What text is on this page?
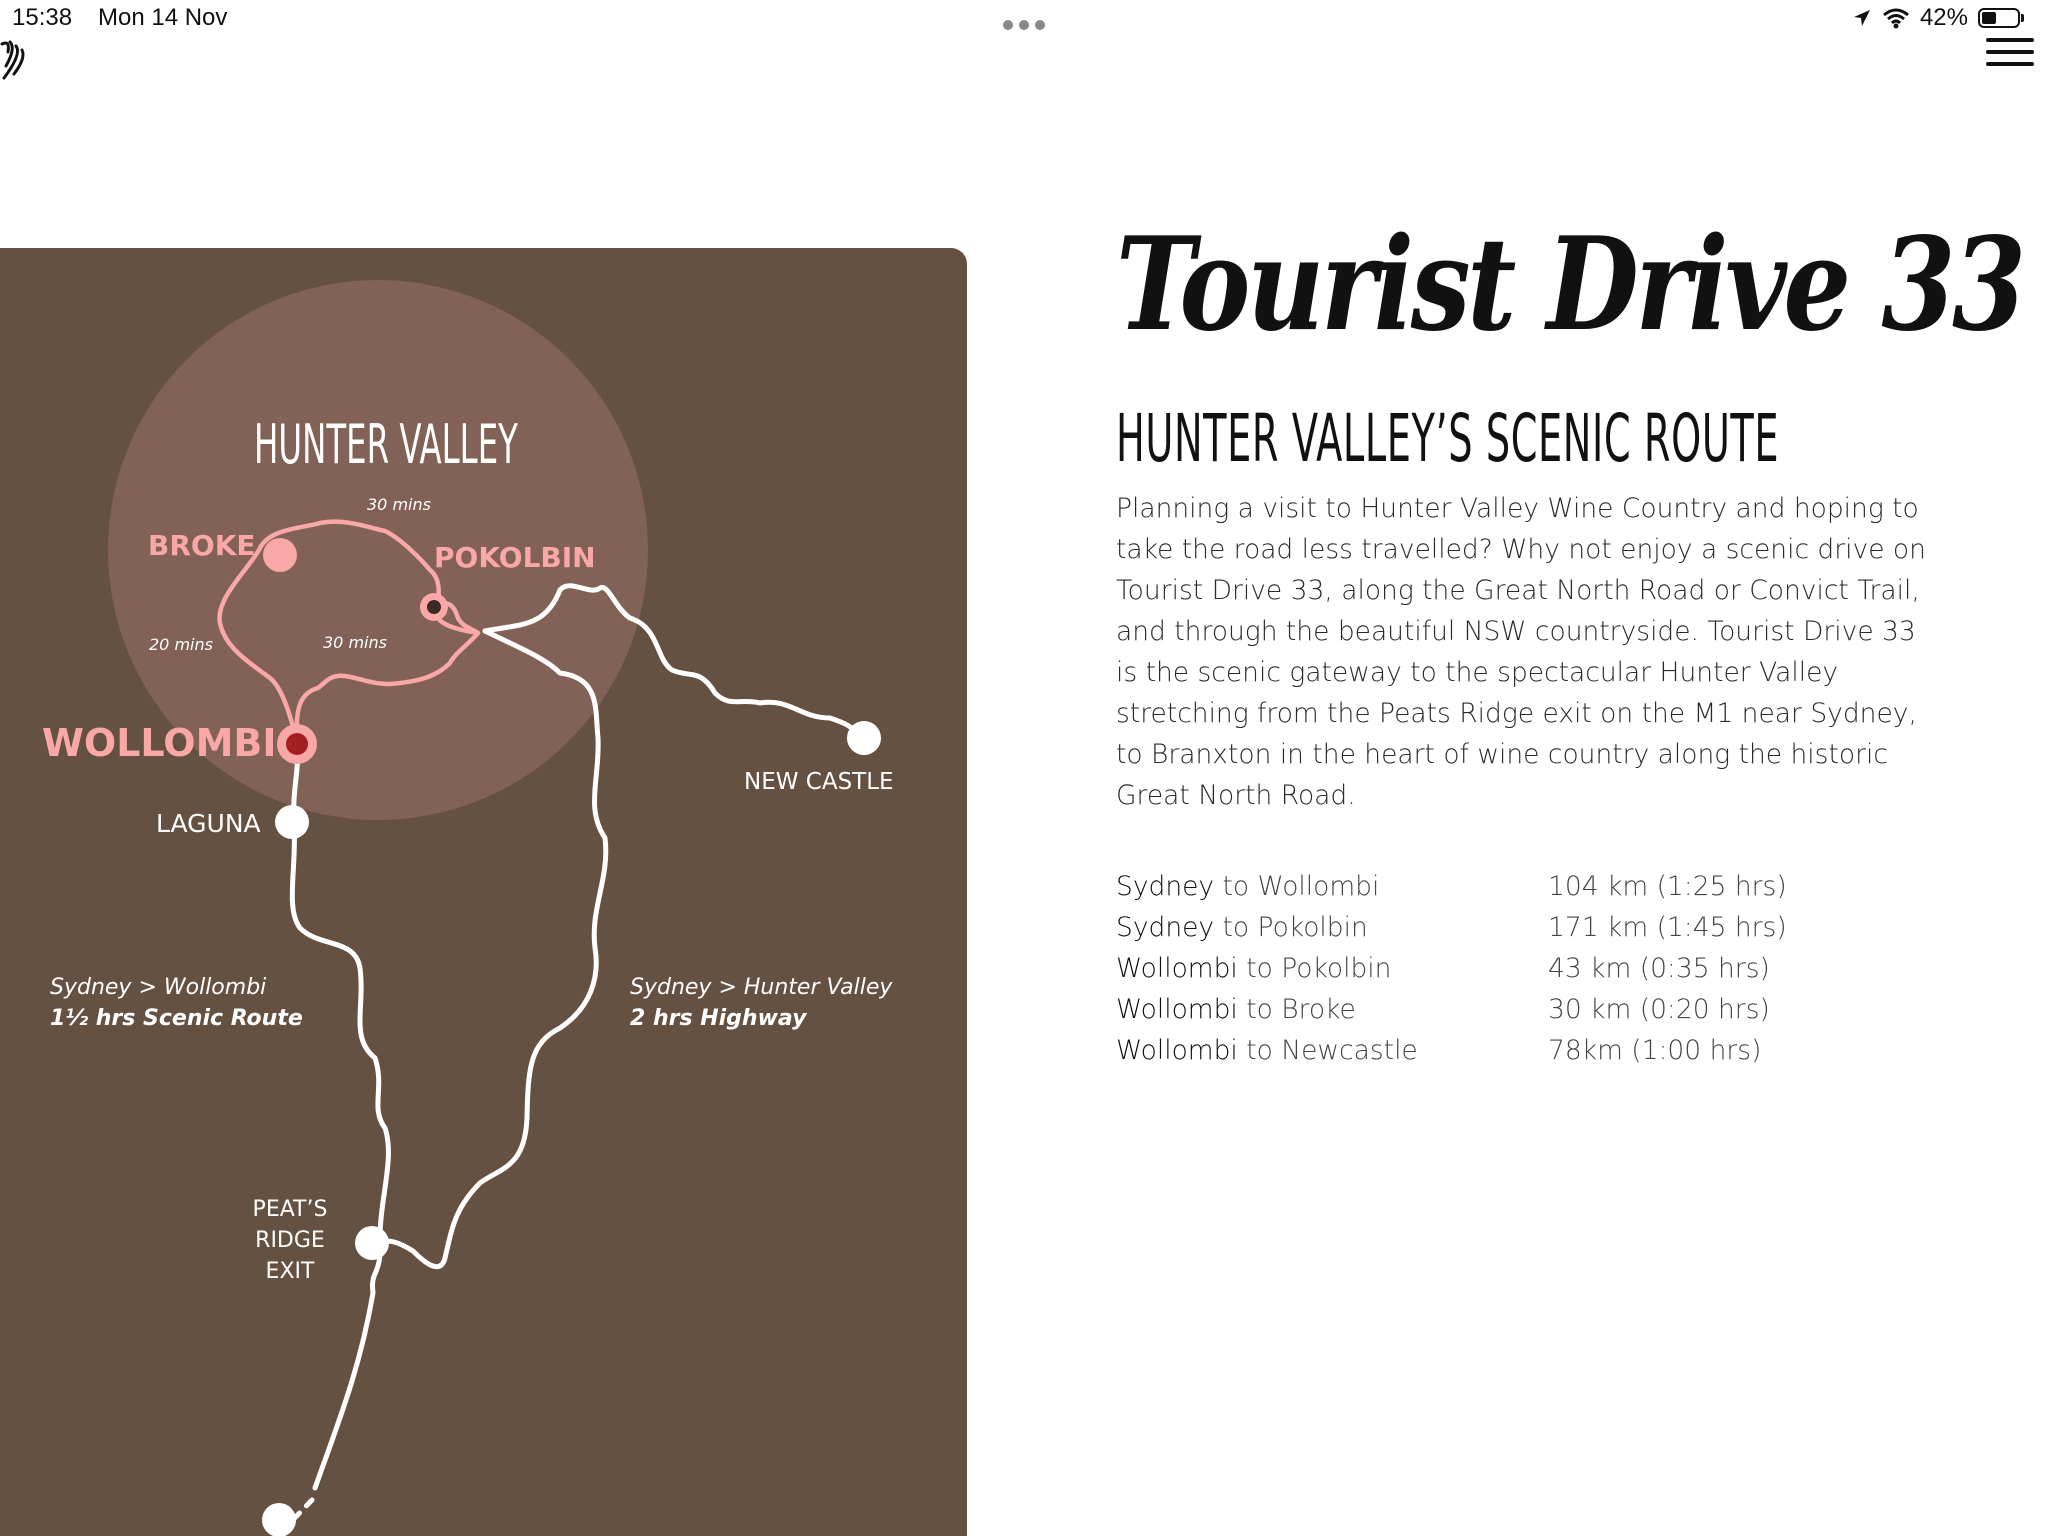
15:38 Mon 14 Nov	42%
HUNTER VALLEY
BROKE	POKOLBIN
WOLLOMBI
LAGUNA
NEW CASTLE
PEAT’S
RIDGE
EXIT
30 mins
20 mins	30 mins
Sydney > Wollombi
1½ hrs Scenic Route
Sydney > Hunter Valley
2 hrs Highway
Tourist Drive 33
HUNTER VALLEY’S SCENIC ROUTE

Planning a visit to Hunter Valley Wine Country and hoping to take the road less travelled? Why not enjoy a scenic drive on Tourist Drive 33, along the Great North Road or Convict Trail, and through the beautiful NSW countryside. Tourist Drive 33 is the scenic gateway to the spectacular Hunter Valley stretching from the Peats Ridge exit on the M1 near Sydney, to Branxton in the heart of wine country along the historic Great North Road.

Sydney to Wollombi	104 km (1:25 hrs)
Sydney to Pokolbin	171 km (1:45 hrs)
Wollombi to Pokolbin	43 km (0:35 hrs)
Wollombi to Broke	30 km (0:20 hrs)
Wollombi to Newcastle	78km (1:00 hrs)
